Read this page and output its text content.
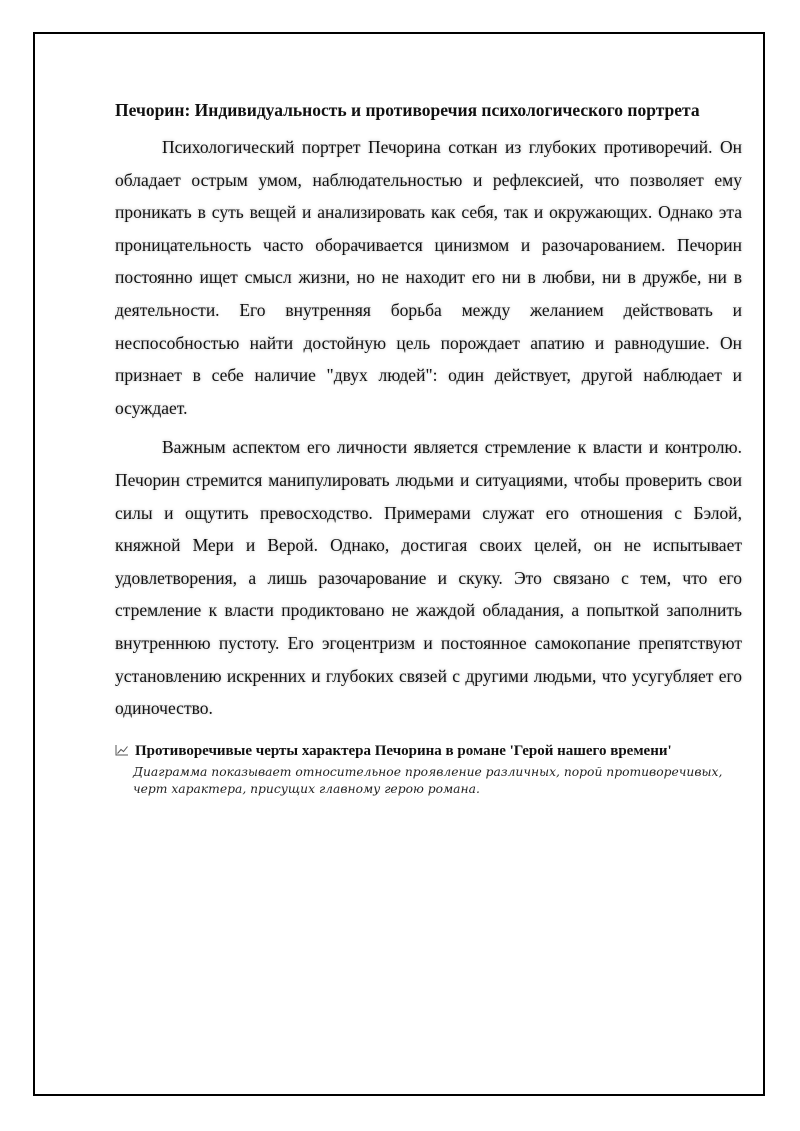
Печорин: Индивидуальность и противоречия психологического портрета

Психологический портрет Печорина соткан из глубоких противоречий. Он обладает острым умом, наблюдательностью и рефлексией, что позволяет ему проникать в суть вещей и анализировать как себя, так и окружающих. Однако эта проницательность часто оборачивается цинизмом и разочарованием. Печорин постоянно ищет смысл жизни, но не находит его ни в любви, ни в дружбе, ни в деятельности. Его внутренняя борьба между желанием действовать и неспособностью найти достойную цель порождает апатию и равнодушие. Он признает в себе наличие "двух людей": один действует, другой наблюдает и осуждает.

Важным аспектом его личности является стремление к власти и контролю. Печорин стремится манипулировать людьми и ситуациями, чтобы проверить свои силы и ощутить превосходство. Примерами служат его отношения с Бэлой, княжной Мери и Верой. Однако, достигая своих целей, он не испытывает удовлетворения, а лишь разочарование и скуку. Это связано с тем, что его стремление к власти продиктовано не жаждой обладания, а попыткой заполнить внутреннюю пустоту. Его эгоцентризм и постоянное самокопание препятствуют установлению искренних и глубоких связей с другими людьми, что усугубляет его одиночество.

Противоречивые черты характера Печорина в романе 'Герой нашего времени'

Диаграмма показывает относительное проявление различных, порой противоречивых, черт характера, присущих главному герою романа.
